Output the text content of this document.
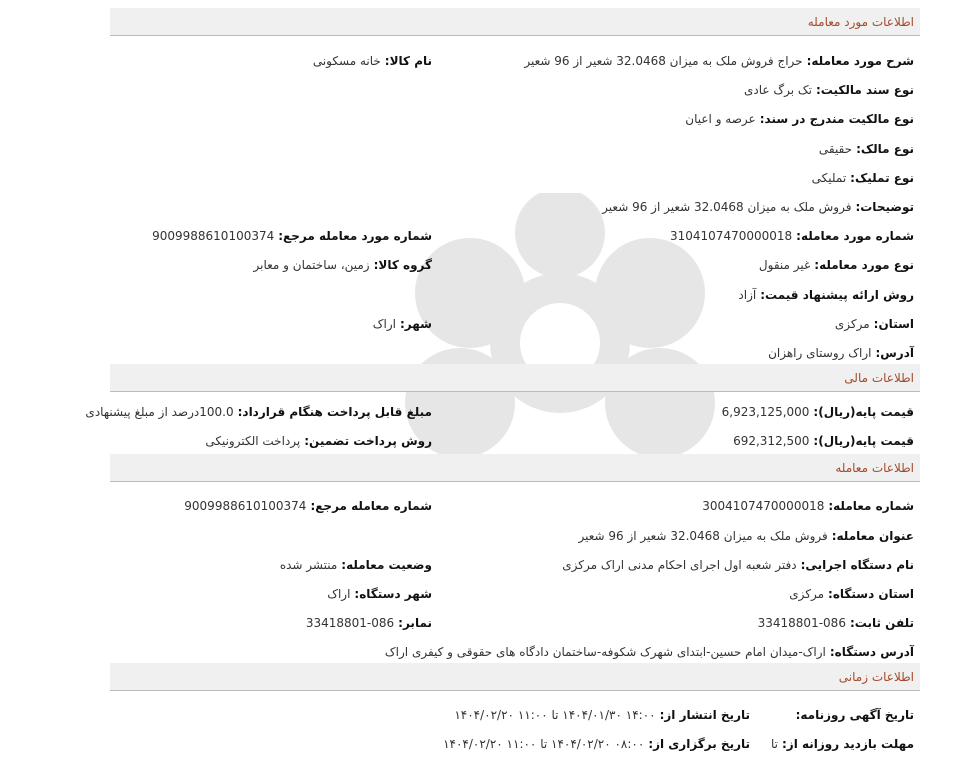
اطلاعات مورد معامله
شرح مورد معامله:حراج فروش ملک به میزان 32.0468 شعیر از 96 شعیر
نام کالا:خانه مسکونی
نوع سند مالکیت:تک برگ عادی
نوع مالکیت مندرج در سند:عرصه و اعیان
نوع مالک:حقیقی
نوع تملیک:تملیکی
توضیحات:فروش ملک به میزان 32.0468 شعیر از 96 شعیر
شماره مورد معامله:3104107470000018
شماره مورد معامله مرجع:9009988610100374
نوع مورد معامله:غیر منقول
گروه کالا:زمین، ساختمان و معابر
روش ارائه پیشنهاد قیمت:آزاد
استان:مرکزی
شهر:اراک
آدرس:اراک روستای راهزان
اطلاعات مالی
قیمت پایه(ریال):6,923,125,000
مبلغ قابل پرداخت هنگام قرارداد:100.0درصد از مبلغ پیشنهادی
قیمت پایه(ریال):692,312,500
روش پرداخت تضمین:پرداخت الکترونیکی
اطلاعات معامله
شماره معامله:3004107470000018
شماره معامله مرجع:9009988610100374
عنوان معامله:فروش ملک به میزان 32.0468 شعیر از 96 شعیر
نام دستگاه اجرایی:دفتر شعبه اول اجرای احکام مدنی اراک مرکزی
وضعیت معامله:منتشر شده
استان دستگاه:مرکزی
شهر دستگاه:اراک
تلفن ثابت:086-33418801
نمابر:086-33418801
آدرس دستگاه:اراک-میدان امام حسین-ابتدای شهرک شکوفه-ساختمان دادگاه های حقوقی و کیفری اراک
اطلاعات زمانی
تاریخ آگهی روزنامه:
تاریخ انتشار از:۱۴:۰۰ ۱۴۰۴/۰۱/۳۰ تا ۱۱:۰۰ ۱۴۰۴/۰۲/۲۰
مهلت بازدید روزانه از:تا
تاریخ برگزاری از:۰۸:۰۰ ۱۴۰۴/۰۲/۲۰ تا ۱۱:۰۰ ۱۴۰۴/۰۲/۲۰
